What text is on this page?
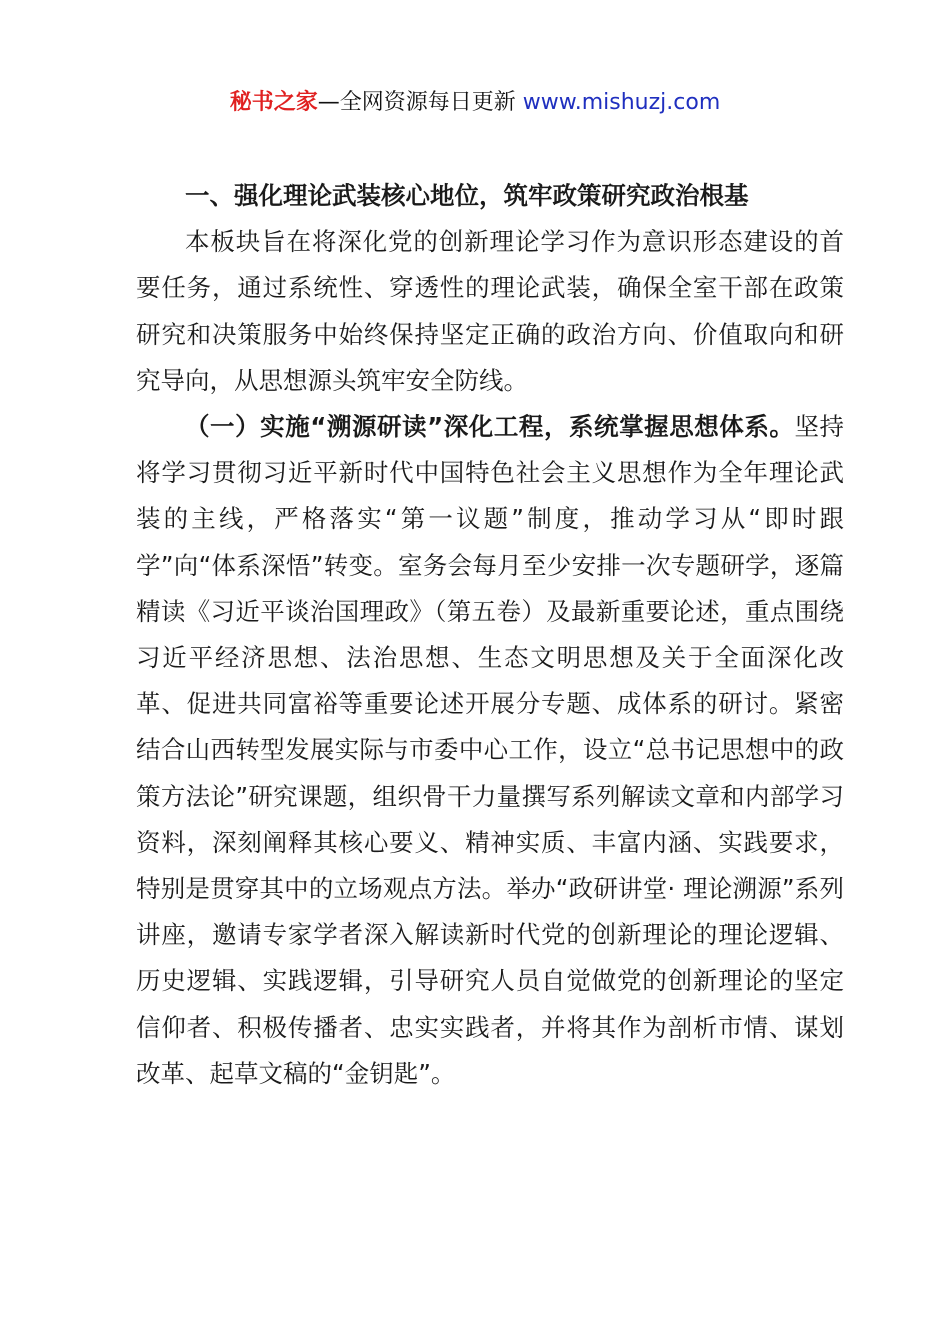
秘书之家—全网资源每日更新 www.mishuzj.com

一、强化理论武装核心地位，筑牢政策研究政治根基

本板块旨在将深化党的创新理论学习作为意识形态建设的首要任务，通过系统性、穿透性的理论武装，确保全室干部在政策研究和决策服务中始终保持坚定正确的政治方向、价值取向和研究导向，从思想源头筑牢安全防线。

（一）实施“溯源研读”深化工程，系统掌握思想体系。坚持将学习贯彻习近平新时代中国特色社会主义思想作为全年理论武装的主线，严格落实“第一议题”制度，推动学习从“即时跟学”向“体系深悟”转变。室务会每月至少安排一次专题研学，逐篇精读《习近平谈治国理政》（第五卷）及最新重要论述，重点围绕习近平经济思想、法治思想、生态文明思想及关于全面深化改革、促进共同富裕等重要论述开展分专题、成体系的研讨。紧密结合山西转型发展实际与市委中心工作，设立“总书记思想中的政策方法论”研究课题，组织骨干力量撰写系列解读文章和内部学习资料，深刻阐释其核心要义、精神实质、丰富内涵、实践要求，特别是贯穿其中的立场观点方法。举办“政研讲堂· 理论溯源”系列讲座，邀请专家学者深入解读新时代党的创新理论的理论逻辑、历史逻辑、实践逻辑，引导研究人员自觉做党的创新理论的坚定信仰者、积极传播者、忠实实践者，并将其作为剖析市情、谋划改革、起草文稿的“金钥匙”。
